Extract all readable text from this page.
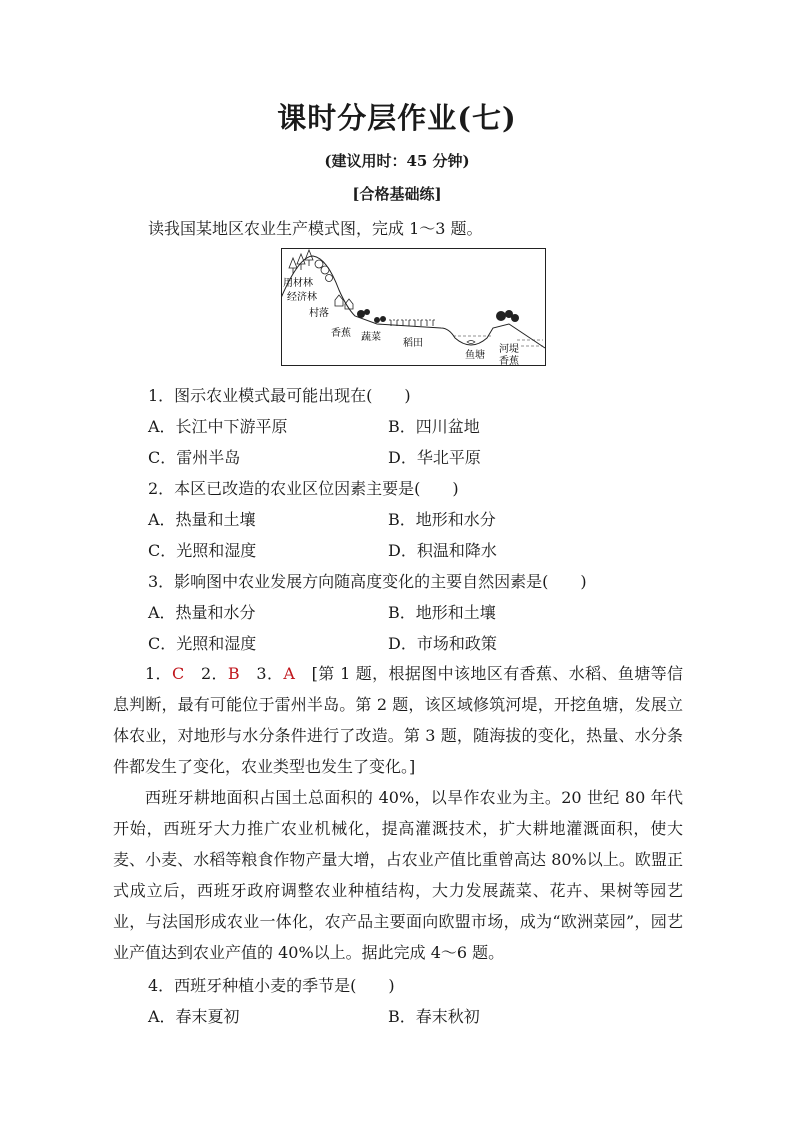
课时分层作业(七)
(建议用时：45 分钟)
[合格基础练]
读我国某地区农业生产模式图，完成 1～3 题。
用材林
经济林
村落
香蕉 蔬菜
稻田
鱼塘
河堤
香蕉
1．图示农业模式最可能出现在(　　)
A．长江中下游平原	B．四川盆地
C．雷州半岛	D．华北平原
2．本区已改造的农业区位因素主要是(　　)
A．热量和土壤	B．地形和水分
C．光照和湿度	D．积温和降水
3．影响图中农业发展方向随高度变化的主要自然因素是(　　)
A．热量和水分	B．地形和土壤
C．光照和湿度	D．市场和政策
1．C　2．B　3．A　[第 1 题，根据图中该地区有香蕉、水稻、鱼塘等信息判断，最有可能位于雷州半岛。第 2 题，该区域修筑河堤，开挖鱼塘，发展立体农业，对地形与水分条件进行了改造。第 3 题，随海拔的变化，热量、水分条件都发生了变化，农业类型也发生了变化。]
西班牙耕地面积占国土总面积的 40%，以旱作农业为主。20 世纪 80 年代开始，西班牙大力推广农业机械化，提高灌溉技术，扩大耕地灌溉面积，使大麦、小麦、水稻等粮食作物产量大增，占农业产值比重曾高达 80%以上。欧盟正式成立后，西班牙政府调整农业种植结构，大力发展蔬菜、花卉、果树等园艺业，与法国形成农业一体化，农产品主要面向欧盟市场，成为“欧洲菜园”，园艺业产值达到农业产值的 40%以上。据此完成 4～6 题。
4．西班牙种植小麦的季节是(　　)
A．春末夏初	B．春末秋初
